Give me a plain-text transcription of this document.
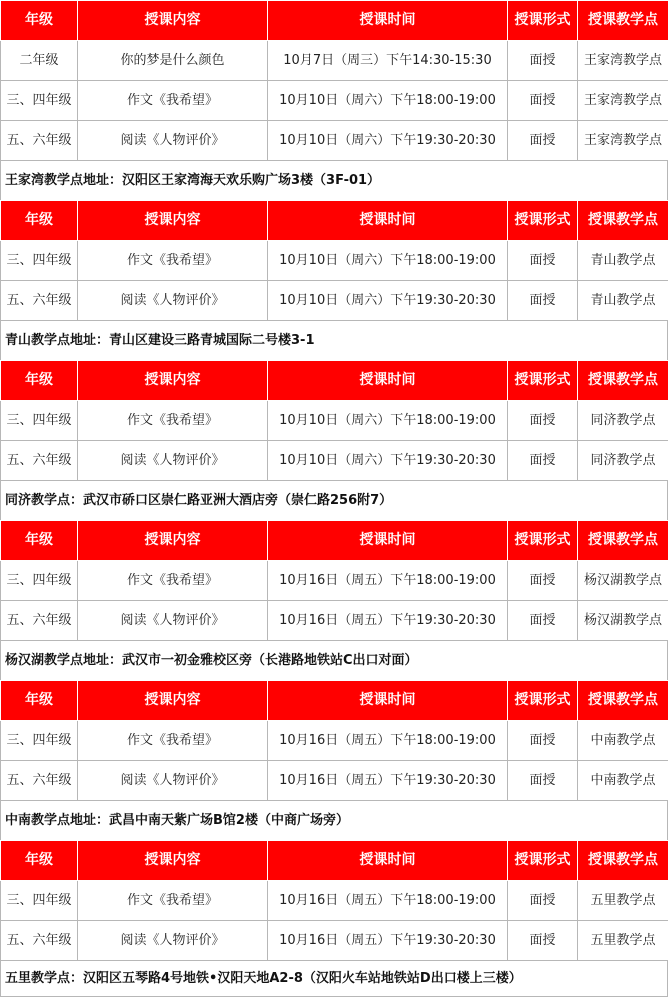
年级	授课内容	授课时间	授课形式	授课教学点
二年级	你的梦是什么颜色	10月7日（周三）下午14:30-15:30	面授	王家湾教学点
三、四年级	作文《我希望》	10月10日（周六）下午18:00-19:00	面授	王家湾教学点
五、六年级	阅读《人物评价》	10月10日（周六）下午19:30-20:30	面授	王家湾教学点
王家湾教学点地址：汉阳区王家湾海天欢乐购广场3楼（3F-01）
年级	授课内容	授课时间	授课形式	授课教学点
三、四年级	作文《我希望》	10月10日（周六）下午18:00-19:00	面授	青山教学点
五、六年级	阅读《人物评价》	10月10日（周六）下午19:30-20:30	面授	青山教学点
青山教学点地址：青山区建设三路青城国际二号楼3-1
年级	授课内容	授课时间	授课形式	授课教学点
三、四年级	作文《我希望》	10月10日（周六）下午18:00-19:00	面授	同济教学点
五、六年级	阅读《人物评价》	10月10日（周六）下午19:30-20:30	面授	同济教学点
同济教学点：武汉市硚口区崇仁路亚洲大酒店旁（崇仁路256附7）
年级	授课内容	授课时间	授课形式	授课教学点
三、四年级	作文《我希望》	10月16日（周五）下午18:00-19:00	面授	杨汉湖教学点
五、六年级	阅读《人物评价》	10月16日（周五）下午19:30-20:30	面授	杨汉湖教学点
杨汉湖教学点地址：武汉市一初金雅校区旁（长港路地铁站C出口对面）
年级	授课内容	授课时间	授课形式	授课教学点
三、四年级	作文《我希望》	10月16日（周五）下午18:00-19:00	面授	中南教学点
五、六年级	阅读《人物评价》	10月16日（周五）下午19:30-20:30	面授	中南教学点
中南教学点地址：武昌中南天紫广场B馆2楼（中商广场旁）
年级	授课内容	授课时间	授课形式	授课教学点
三、四年级	作文《我希望》	10月16日（周五）下午18:00-19:00	面授	五里教学点
五、六年级	阅读《人物评价》	10月16日（周五）下午19:30-20:30	面授	五里教学点
五里教学点：汉阳区五琴路4号地铁•汉阳天地A2-8（汉阳火车站地铁站D出口楼上三楼）
